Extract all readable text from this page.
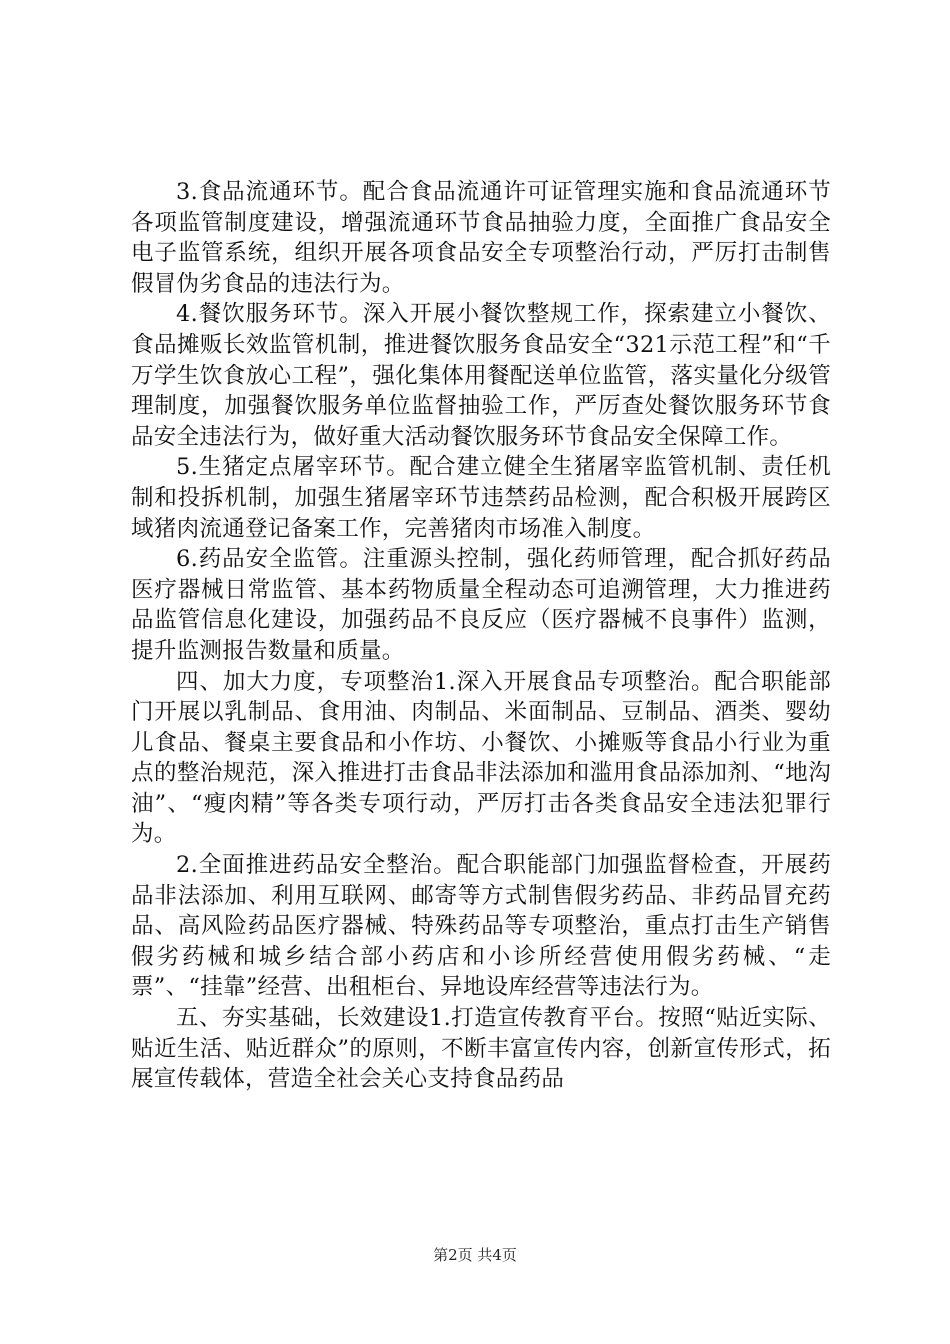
3.食品流通环节。配合食品流通许可证管理实施和食品流通环节各项监管制度建设，增强流通环节食品抽验力度，全面推广食品安全电子监管系统，组织开展各项食品安全专项整治行动，严厉打击制售假冒伪劣食品的违法行为。

4.餐饮服务环节。深入开展小餐饮整规工作，探索建立小餐饮、食品摊贩长效监管机制，推进餐饮服务食品安全“321示范工程”和“千万学生饮食放心工程”，强化集体用餐配送单位监管，落实量化分级管理制度，加强餐饮服务单位监督抽验工作，严厉查处餐饮服务环节食品安全违法行为，做好重大活动餐饮服务环节食品安全保障工作。

5.生猪定点屠宰环节。配合建立健全生猪屠宰监管机制、责任机制和投拆机制，加强生猪屠宰环节违禁药品检测，配合积极开展跨区域猪肉流通登记备案工作，完善猪肉市场准入制度。

6.药品安全监管。注重源头控制，强化药师管理，配合抓好药品医疗器械日常监管、基本药物质量全程动态可追溯管理，大力推进药品监管信息化建设，加强药品不良反应（医疗器械不良事件）监测，提升监测报告数量和质量。

四、加大力度，专项整治1.深入开展食品专项整治。配合职能部门开展以乳制品、食用油、肉制品、米面制品、豆制品、酒类、婴幼儿食品、餐桌主要食品和小作坊、小餐饮、小摊贩等食品小行业为重点的整治规范，深入推进打击食品非法添加和滥用食品添加剂、“地沟油”、“瘦肉精”等各类专项行动，严厉打击各类食品安全违法犯罪行为。

2.全面推进药品安全整治。配合职能部门加强监督检查，开展药品非法添加、利用互联网、邮寄等方式制售假劣药品、非药品冒充药品、高风险药品医疗器械、特殊药品等专项整治，重点打击生产销售假劣药械和城乡结合部小药店和小诊所经营使用假劣药械、“走票”、“挂靠”经营、出租柜台、异地设库经营等违法行为。

五、夯实基础，长效建设1.打造宣传教育平台。按照“贴近实际、贴近生活、贴近群众”的原则，不断丰富宣传内容，创新宣传形式，拓展宣传载体，营造全社会关心支持食品药品

第2页 共4页
